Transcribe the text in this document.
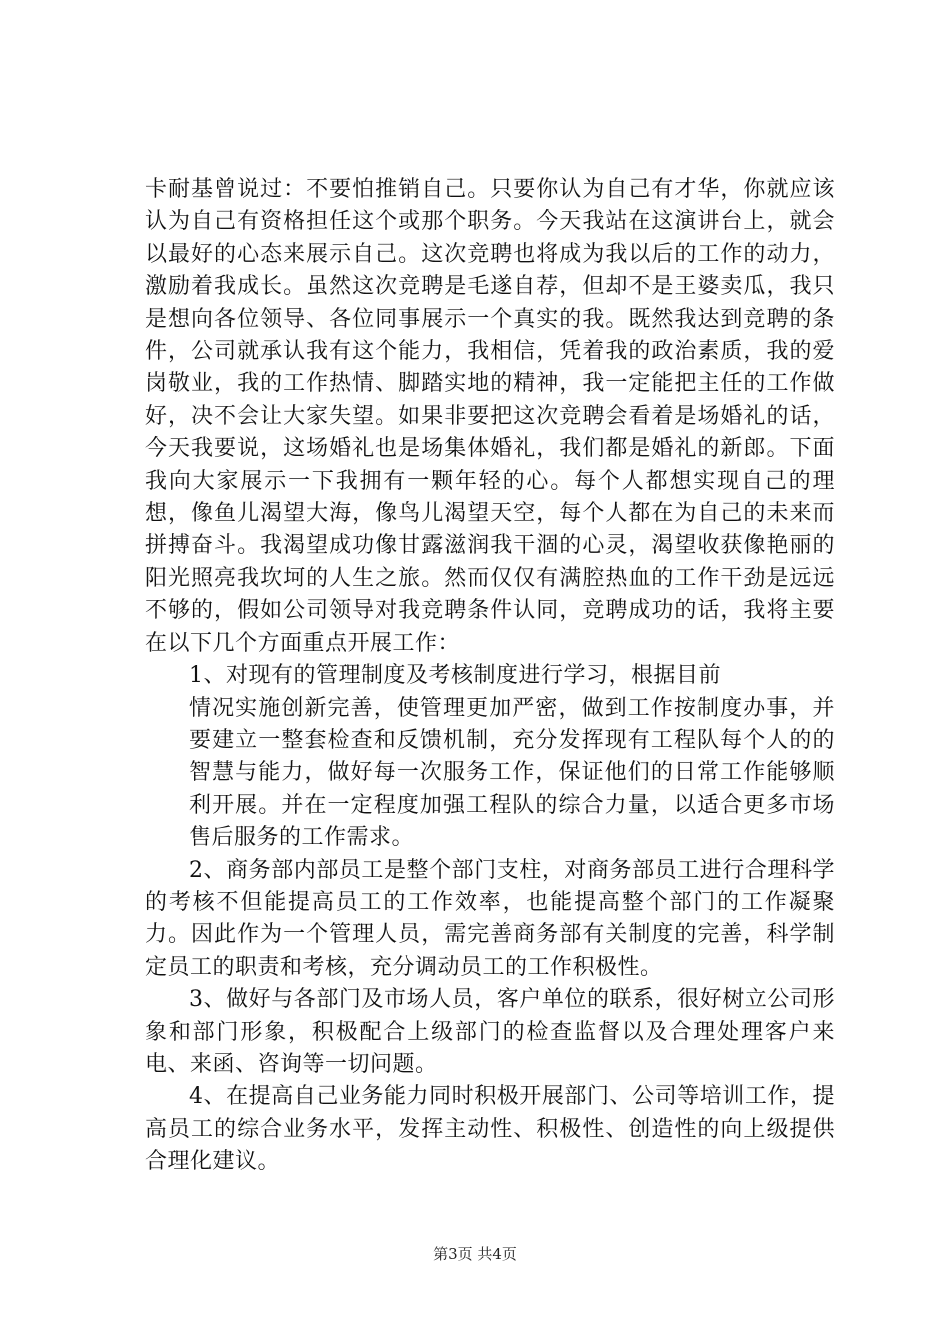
卡耐基曾说过：不要怕推销自己。只要你认为自己有才华，你就应该认为自己有资格担任这个或那个职务。今天我站在这演讲台上，就会以最好的心态来展示自己。这次竞聘也将成为我以后的工作的动力，激励着我成长。虽然这次竞聘是毛遂自荐，但却不是王婆卖瓜，我只是想向各位领导、各位同事展示一个真实的我。既然我达到竞聘的条件，公司就承认我有这个能力，我相信，凭着我的政治素质，我的爱岗敬业，我的工作热情、脚踏实地的精神，我一定能把主任的工作做好，决不会让大家失望。如果非要把这次竞聘会看着是场婚礼的话，今天我要说，这场婚礼也是场集体婚礼，我们都是婚礼的新郎。下面我向大家展示一下我拥有一颗年轻的心。每个人都想实现自己的理想，像鱼儿渴望大海，像鸟儿渴望天空，每个人都在为自己的未来而拼搏奋斗。我渴望成功像甘露滋润我干涸的心灵，渴望收获像艳丽的阳光照亮我坎坷的人生之旅。然而仅仅有满腔热血的工作干劲是远远不够的，假如公司领导对我竞聘条件认同，竞聘成功的话，我将主要在以下几个方面重点开展工作：

1、对现有的管理制度及考核制度进行学习，根据目前

情况实施创新完善，使管理更加严密，做到工作按制度办事，并要建立一整套检查和反馈机制，充分发挥现有工程队每个人的的智慧与能力，做好每一次服务工作，保证他们的日常工作能够顺利开展。并在一定程度加强工程队的综合力量，以适合更多市场售后服务的工作需求。

2、商务部内部员工是整个部门支柱，对商务部员工进行合理科学的考核不但能提高员工的工作效率，也能提高整个部门的工作凝聚力。因此作为一个管理人员，需完善商务部有关制度的完善，科学制定员工的职责和考核，充分调动员工的工作积极性。

3、做好与各部门及市场人员，客户单位的联系，很好树立公司形象和部门形象，积极配合上级部门的检查监督以及合理处理客户来电、来函、咨询等一切问题。

4、在提高自己业务能力同时积极开展部门、公司等培训工作，提高员工的综合业务水平，发挥主动性、积极性、创造性的向上级提供合理化建议。

第3页 共4页
